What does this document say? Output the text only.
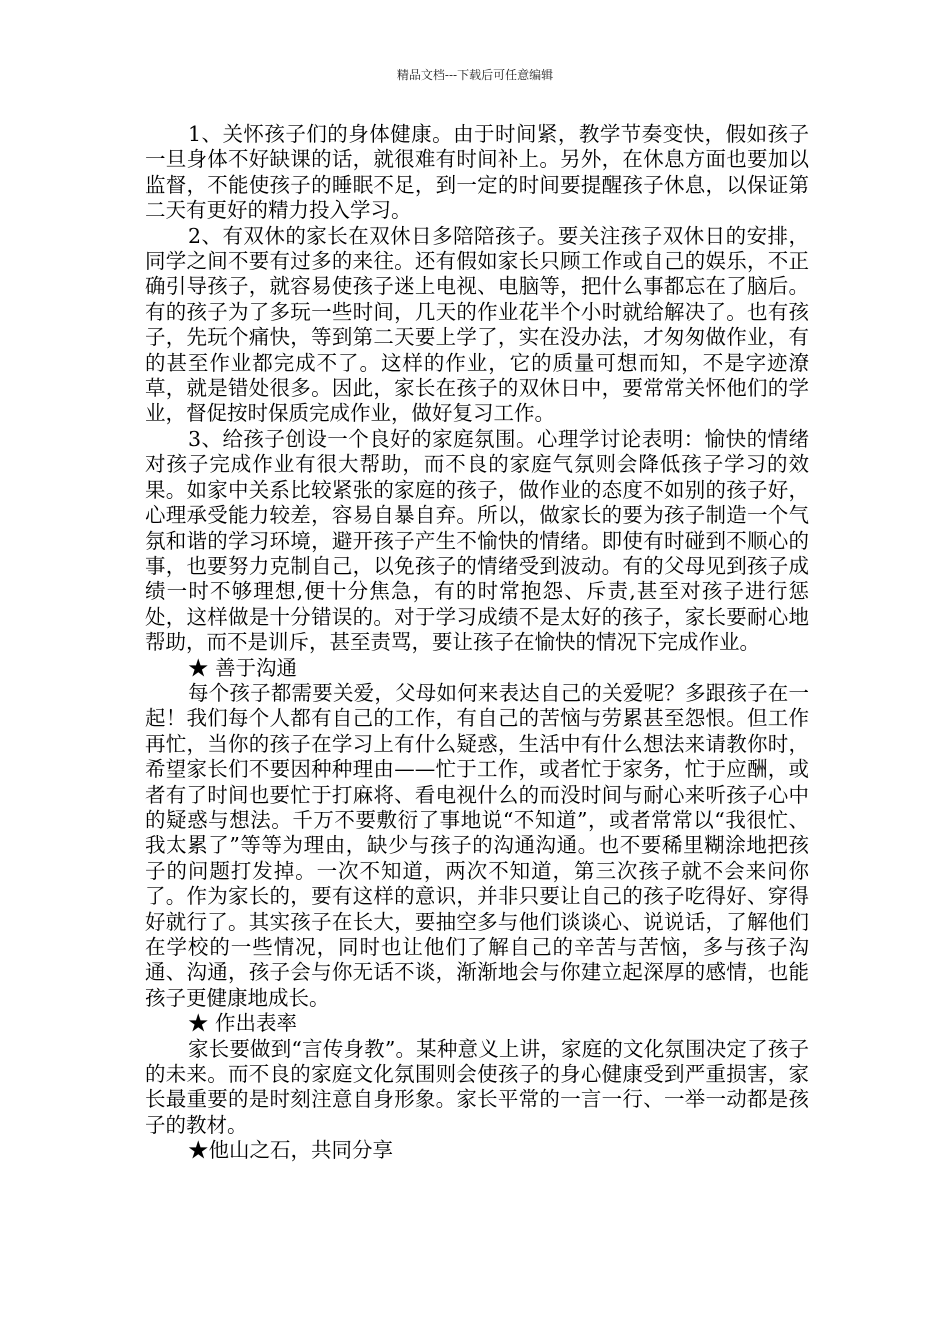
精品文档---下载后可任意编辑

1、关怀孩子们的身体健康。由于时间紧，教学节奏变快，假如孩子一旦身体不好缺课的话，就很难有时间补上。另外，在休息方面也要加以监督，不能使孩子的睡眠不足，到一定的时间要提醒孩子休息，以保证第二天有更好的精力投入学习。

2、有双休的家长在双休日多陪陪孩子。要关注孩子双休日的安排，同学之间不要有过多的来往。还有假如家长只顾工作或自己的娱乐，不正确引导孩子，就容易使孩子迷上电视、电脑等，把什么事都忘在了脑后。有的孩子为了多玩一些时间，几天的作业花半个小时就给解决了。也有孩子，先玩个痛快，等到第二天要上学了，实在没办法，才匆匆做作业，有的甚至作业都完成不了。这样的作业，它的质量可想而知，不是字迹潦草，就是错处很多。因此，家长在孩子的双休日中，要常常关怀他们的学业，督促按时保质完成作业，做好复习工作。

3、给孩子创设一个良好的家庭氛围。心理学讨论表明：愉快的情绪对孩子完成作业有很大帮助，而不良的家庭气氛则会降低孩子学习的效果。如家中关系比较紧张的家庭的孩子，做作业的态度不如别的孩子好，心理承受能力较差，容易自暴自弃。所以，做家长的要为孩子制造一个气氛和谐的学习环境，避开孩子产生不愉快的情绪。即使有时碰到不顺心的事，也要努力克制自己，以免孩子的情绪受到波动。有的父母见到孩子成绩一时不够理想,便十分焦急，有的时常抱怨、斥责,甚至对孩子进行惩处，这样做是十分错误的。对于学习成绩不是太好的孩子，家长要耐心地帮助，而不是训斥，甚至责骂，要让孩子在愉快的情况下完成作业。

★ 善于沟通

每个孩子都需要关爱，父母如何来表达自己的关爱呢？多跟孩子在一起！我们每个人都有自己的工作，有自己的苦恼与劳累甚至怨恨。但工作再忙，当你的孩子在学习上有什么疑惑，生活中有什么想法来请教你时，希望家长们不要因种种理由——忙于工作，或者忙于家务，忙于应酬，或者有了时间也要忙于打麻将、看电视什么的而没时间与耐心来听孩子心中的疑惑与想法。千万不要敷衍了事地说“不知道”，或者常常以“我很忙、我太累了”等等为理由，缺少与孩子的沟通沟通。也不要稀里糊涂地把孩子的问题打发掉。一次不知道，两次不知道，第三次孩子就不会来问你了。作为家长的，要有这样的意识，并非只要让自己的孩子吃得好、穿得好就行了。其实孩子在长大，要抽空多与他们谈谈心、说说话，了解他们在学校的一些情况，同时也让他们了解自己的辛苦与苦恼，多与孩子沟通、沟通，孩子会与你无话不谈，渐渐地会与你建立起深厚的感情，也能孩子更健康地成长。

★ 作出表率

家长要做到“言传身教”。某种意义上讲，家庭的文化氛围决定了孩子的未来。而不良的家庭文化氛围则会使孩子的身心健康受到严重损害，家长最重要的是时刻注意自身形象。家长平常的一言一行、一举一动都是孩子的教材。

★他山之石，共同分享
